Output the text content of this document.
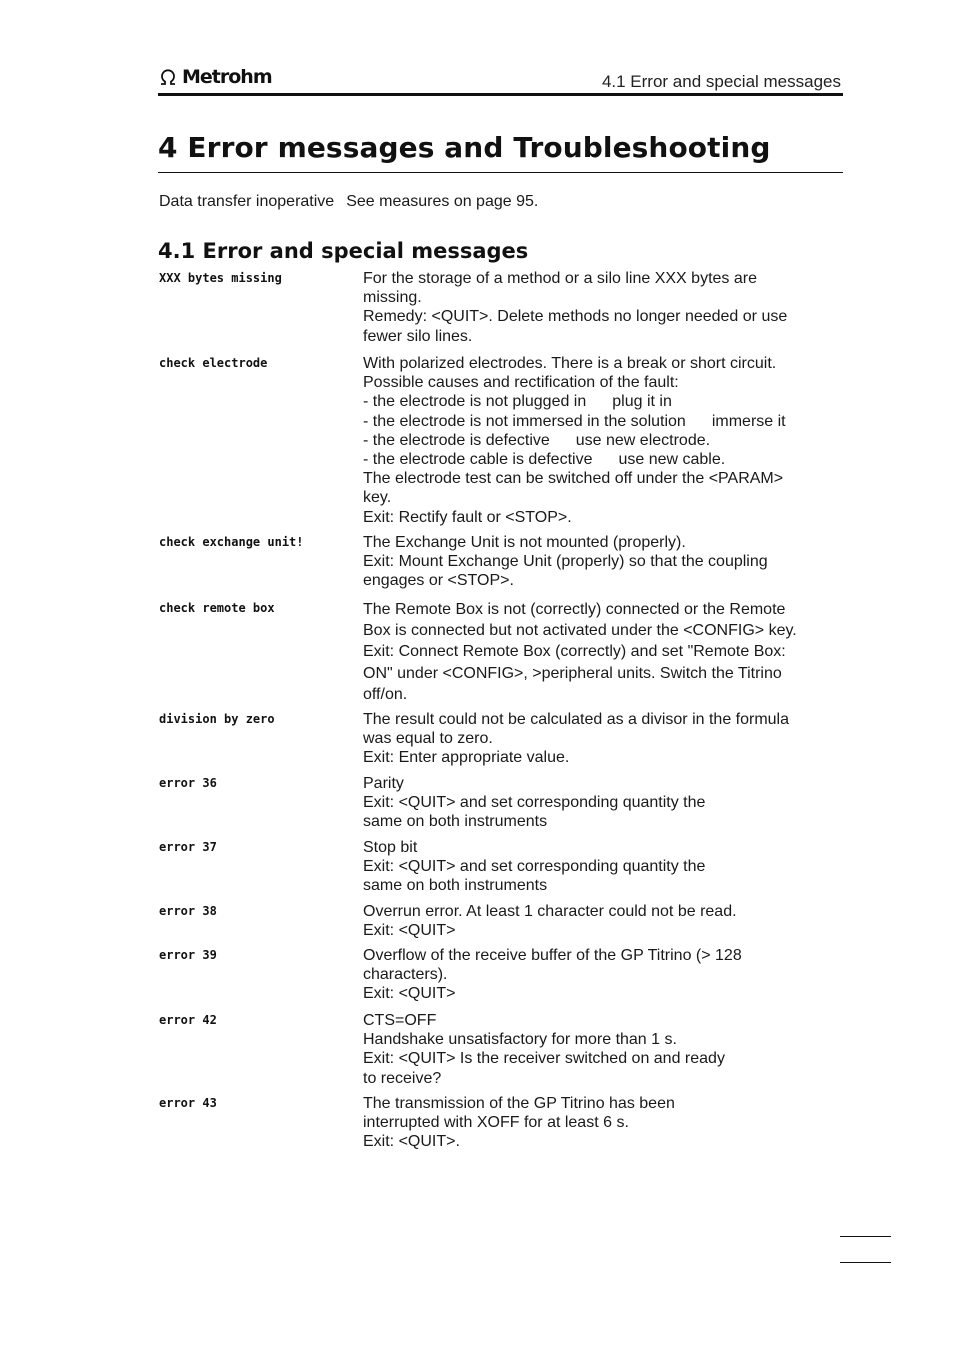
Metrohm	4.1 Error and special messages
4 Error messages and Troubleshooting
Data transfer inoperative See measures on page 95.
4.1 Error and special messages
XXX bytes missing	For the storage of a method or a silo line XXX bytes are
missing.
Remedy: <QUIT>. Delete methods no longer needed or use
fewer silo lines.
check electrode	With polarized electrodes. There is a break or short circuit.
Possible causes and rectification of the fault:
- the electrode is not plugged in plug it in
- the electrode is not immersed in the solution immerse it
- the electrode is defective use new electrode.
- the electrode cable is defective use new cable.
The electrode test can be switched off under the <PARAM>
key.
Exit: Rectify fault or <STOP>.
check exchange unit!	The Exchange Unit is not mounted (properly).
Exit: Mount Exchange Unit (properly) so that the coupling
engages or <STOP>.
check remote box	The Remote Box is not (correctly) connected or the Remote
Box is connected but not activated under the <CONFIG> key.
Exit: Connect Remote Box (correctly) and set "Remote Box:
ON" under <CONFIG>, >peripheral units. Switch the Titrino
off/on.
division by zero	The result could not be calculated as a divisor in the formula
was equal to zero.
Exit: Enter appropriate value.
error 36	Parity
Exit: <QUIT> and set corresponding quantity the
same on both instruments
error 37	Stop bit
Exit: <QUIT> and set corresponding quantity the
same on both instruments
error 38	Overrun error. At least 1 character could not be read.
Exit: <QUIT>
error 39	Overflow of the receive buffer of the GP Titrino (> 128
characters).
Exit: <QUIT>
error 42	CTS=OFF
Handshake unsatisfactory for more than 1 s.
Exit: <QUIT> Is the receiver switched on and ready
to receive?
error 43	The transmission of the GP Titrino has been
interrupted with XOFF for at least 6 s.
Exit: <QUIT>.
